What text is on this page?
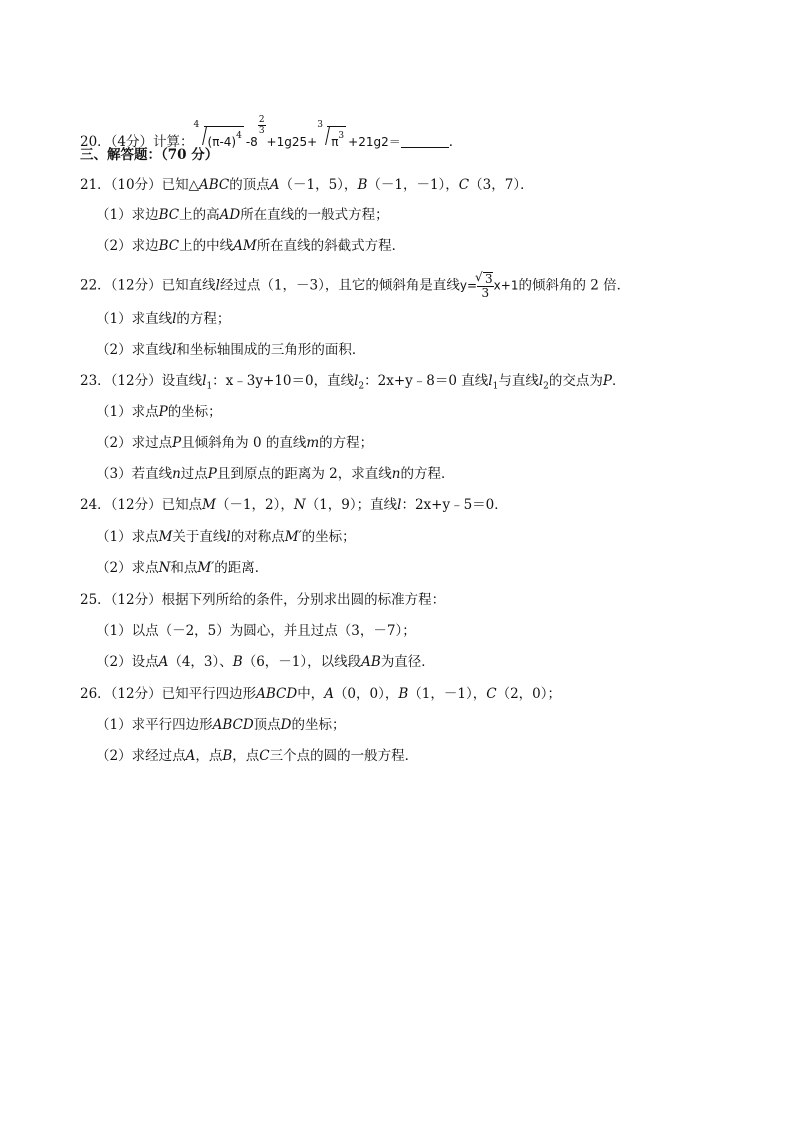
20．（4分）计算：
4
$(\pi-4)^4$ -8
$\frac{2}{3}+1g25+$
3
$\pi^3 +21g2=$	．
三、解答题：（70 分）
21．（10分）已知△ABC的顶点A（－1，5），B（－1，－1），C（3，7）．
（1）求边BC上的高AD所在直线的一般式方程；
（2）求边BC上的中线AM所在直线的斜截式方程．
22．（12分）已知直线l经过点（1，－3），且它的倾斜角是直线y=
√ $\frac{3}{3} x+1$的倾斜角的 2 倍．
（1）求直线l的方程；
（2）求直线l和坐标轴围成的三角形的面积．
23．（12分）设直线$l_1$：x﹣3y+10＝0，直线$l_2$：2x+y﹣8＝0 直线$l_1$与直线$l_2$的交点为P．
（1）求点P的坐标；
（2）求过点P且倾斜角为 0 的直线m的方程；
（3）若直线n过点P且到原点的距离为 2，求直线n的方程．
24．（12分）已知点M（－1，2），N（1，9）；直线l：2x+y﹣5＝0．
（1）求点M关于直线l的对称点M′的坐标；
（2）求点N和点M′的距离．
25．（12分）根据下列所给的条件，分别求出圆的标准方程：
（1）以点（－2，5）为圆心，并且过点（3，－7）；
（2）设点A（4，3）、B（6，－1），以线段AB为直径．
26．（12分）已知平行四边形ABCD中，A（0，0），B（1，－1），C（2，0）；
（1）求平行四边形ABCD顶点D的坐标；
（2）求经过点A，点B，点C三个点的圆的一般方程．
